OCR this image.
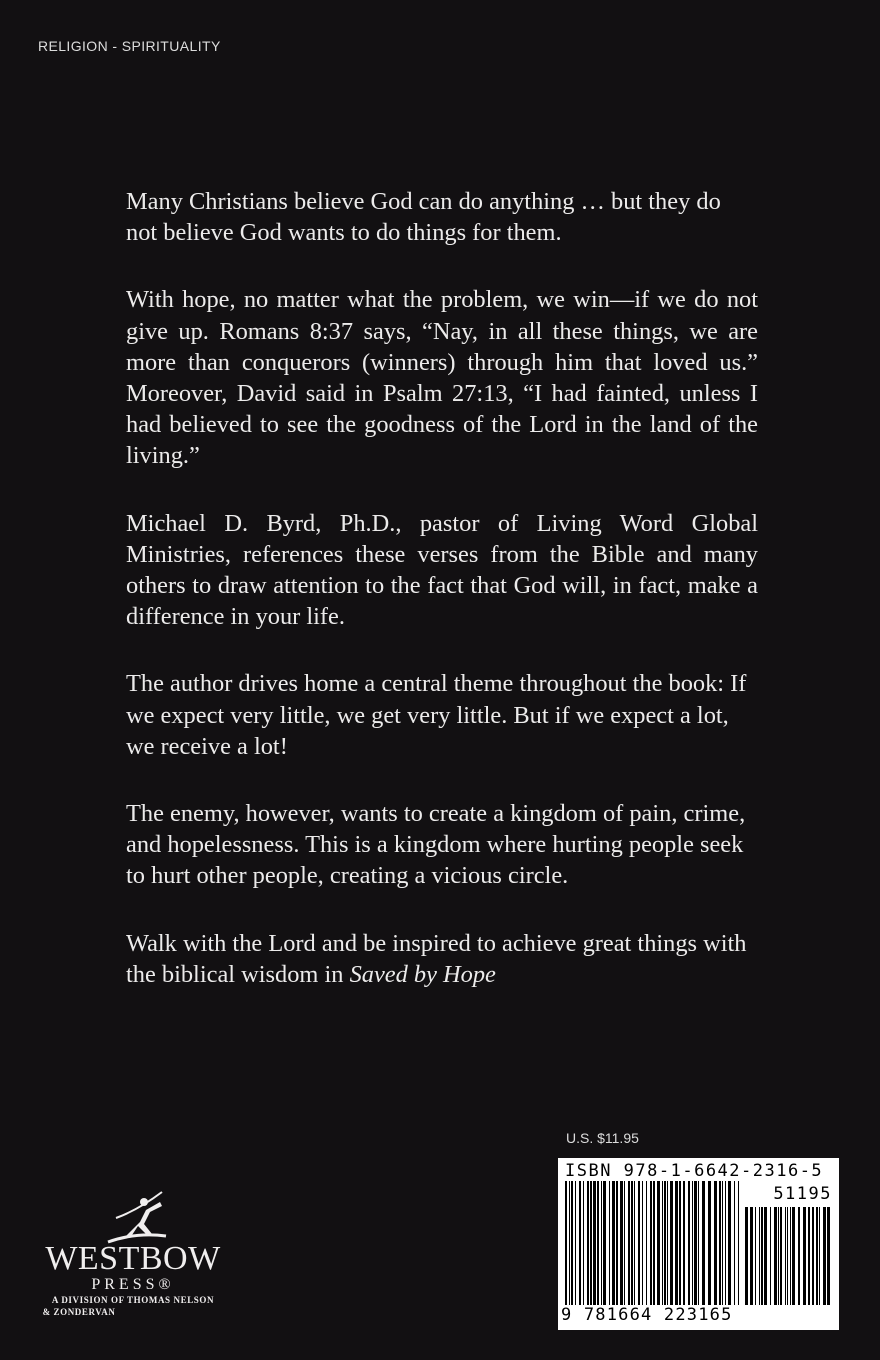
RELIGION - SPIRITUALITY

Many Christians believe God can do anything … but they do not believe God wants to do things for them.

With hope, no matter what the problem, we win—if we do not give up. Romans 8:37 says, “Nay, in all these things, we are more than conquerors (winners) through him that loved us.” Moreover, David said in Psalm 27:13, “I had fainted, unless I had believed to see the goodness of the Lord in the land of the living.”

Michael D. Byrd, Ph.D., pastor of Living Word Global Ministries, references these verses from the Bible and many others to draw attention to the fact that God will, in fact, make a difference in your life.

The author drives home a central theme throughout the book: If we expect very little, we get very little. But if we expect a lot, we receive a lot!

The enemy, however, wants to create a kingdom of pain, crime, and hopelessness. This is a kingdom where hurting people seek to hurt other people, creating a vicious circle.

Walk with the Lord and be inspired to achieve great things with the biblical wisdom in Saved by Hope

WESTBOW
PRESS®
A DIVISION OF THOMAS NELSON
& ZONDERVAN
U.S. $11.95
ISBN 978-1-6642-2316-5
51195
9 781664 223165
